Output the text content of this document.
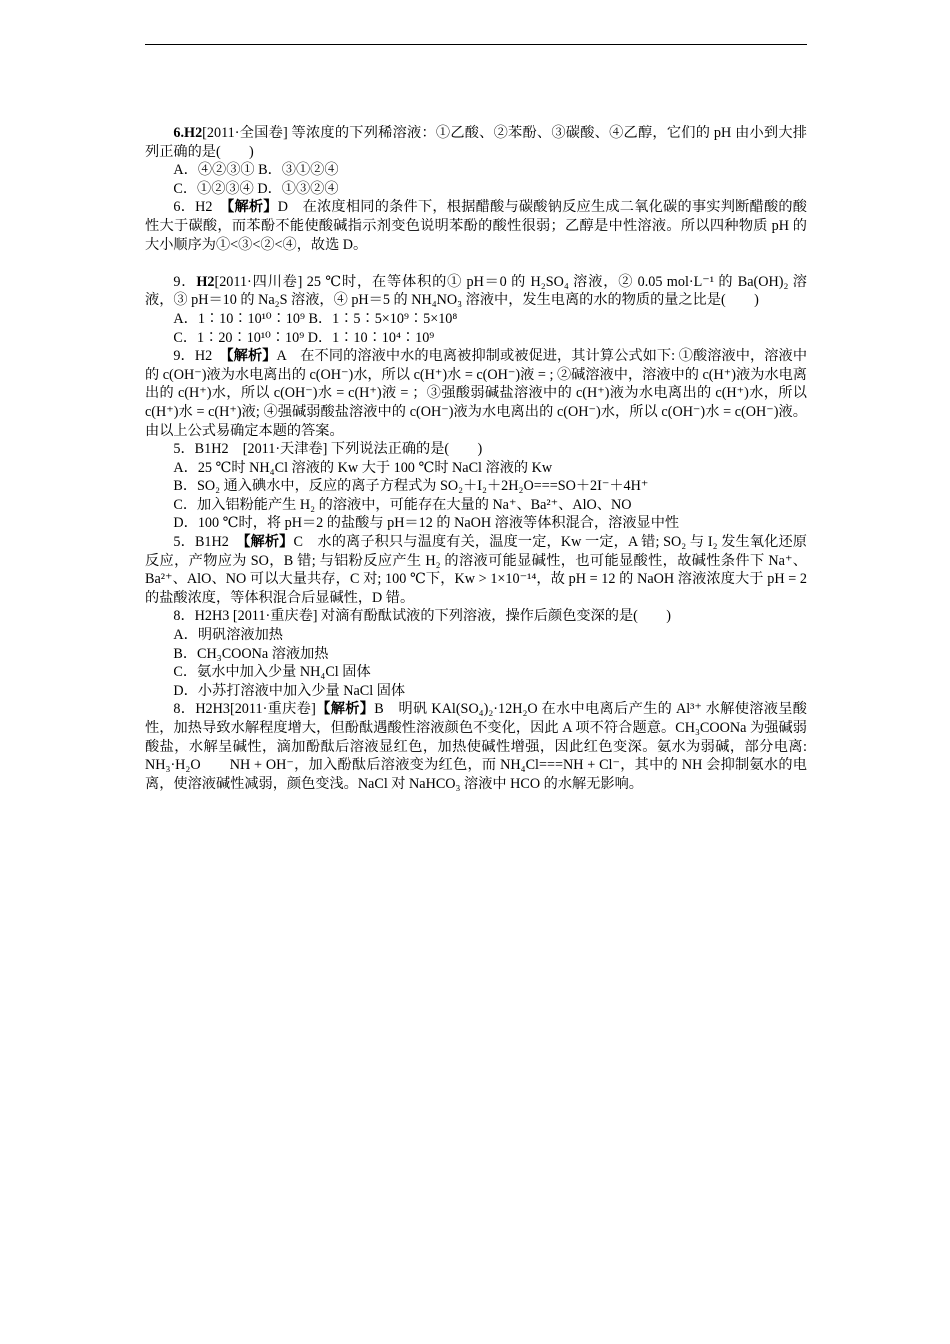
6.H2[2011·全国卷] 等浓度的下列稀溶液：①乙酸、②苯酚、③碳酸、④乙醇，它们的 pH 由小到大排列正确的是(　　)

A．④②③① B．③①②④

C．①②③④ D．①③②④

6．H2　【解析】D　在浓度相同的条件下，根据醋酸与碳酸钠反应生成二氧化碳的事实判断醋酸的酸性大于碳酸，而苯酚不能使酸碱指示剂变色说明苯酚的酸性很弱；乙醇是中性溶液。所以四种物质 pH 的大小顺序为①<③<②<④，故选 D。

9．H2[2011·四川卷] 25 ℃时，在等体积的① pH＝0 的 H₂SO₄ 溶液，② 0.05 mol·L⁻¹ 的 Ba(OH)₂ 溶液，③ pH＝10 的 Na₂S 溶液，④ pH＝5 的 NH₄NO₃ 溶液中，发生电离的水的物质的量之比是(　　)

A．1∶10∶10¹⁰∶10⁹ B．1∶5∶5×10⁹∶5×10⁸

C．1∶20∶10¹⁰∶10⁹ D．1∶10∶10⁴∶10⁹

9．H2　【解析】A　在不同的溶液中水的电离被抑制或被促进，其计算公式如下: ①酸溶液中，溶液中的 c(OH⁻)液为水电离出的 c(OH⁻)水，所以 c(H⁺)水 = c(OH⁻)液 = ; ②碱溶液中，溶液中的 c(H⁺)液为水电离出的 c(H⁺)水，所以 c(OH⁻)水 = c(H⁺)液 = ；③强酸弱碱盐溶液中的 c(H⁺)液为水电离出的 c(H⁺)水，所以 c(H⁺)水 = c(H⁺)液; ④强碱弱酸盐溶液中的 c(OH⁻)液为水电离出的 c(OH⁻)水，所以 c(OH⁻)水 = c(OH⁻)液。由以上公式易确定本题的答案。

5．B1H2　[2011·天津卷] 下列说法正确的是(　　)

A．25 ℃时 NH₄Cl 溶液的 Kw 大于 100 ℃时 NaCl 溶液的 Kw

B．SO₂ 通入碘水中，反应的离子方程式为 SO₂＋I₂＋2H₂O===SO＋2I⁻＋4H⁺

C．加入铝粉能产生 H₂ 的溶液中，可能存在大量的 Na⁺、Ba²⁺、AlO、NO

D．100 ℃时，将 pH＝2 的盐酸与 pH＝12 的 NaOH 溶液等体积混合，溶液显中性

5．B1H2　【解析】C　水的离子积只与温度有关，温度一定，Kw 一定，A 错; SO₂ 与 I₂ 发生氧化还原反应，产物应为 SO，B 错; 与铝粉反应产生 H₂ 的溶液可能显碱性，也可能显酸性，故碱性条件下 Na⁺、Ba²⁺、AlO、NO 可以大量共存，C 对; 100 ℃下，Kw > 1×10⁻¹⁴，故 pH = 12 的 NaOH 溶液浓度大于 pH = 2 的盐酸浓度，等体积混合后显碱性，D 错。

8．H2H3 [2011·重庆卷] 对滴有酚酞试液的下列溶液，操作后颜色变深的是(　　)

A．明矾溶液加热

B．CH₃COONa 溶液加热

C．氨水中加入少量 NH₄Cl 固体

D．小苏打溶液中加入少量 NaCl 固体

8．H2H3[2011·重庆卷]【解析】B　明矾 KAl(SO₄)₂·12H₂O 在水中电离后产生的 Al³⁺ 水解使溶液呈酸性，加热导致水解程度增大，但酚酞遇酸性溶液颜色不变化，因此 A 项不符合题意。CH₃COONa 为强碱弱酸盐，水解呈碱性，滴加酚酞后溶液显红色，加热使碱性增强，因此红色变深。氨水为弱碱，部分电离: NH₃·H₂O　　NH + OH⁻，加入酚酞后溶液变为红色，而 NH₄Cl===NH + Cl⁻，其中的 NH 会抑制氨水的电离，使溶液碱性减弱，颜色变浅。NaCl 对 NaHCO₃ 溶液中 HCO 的水解无影响。
